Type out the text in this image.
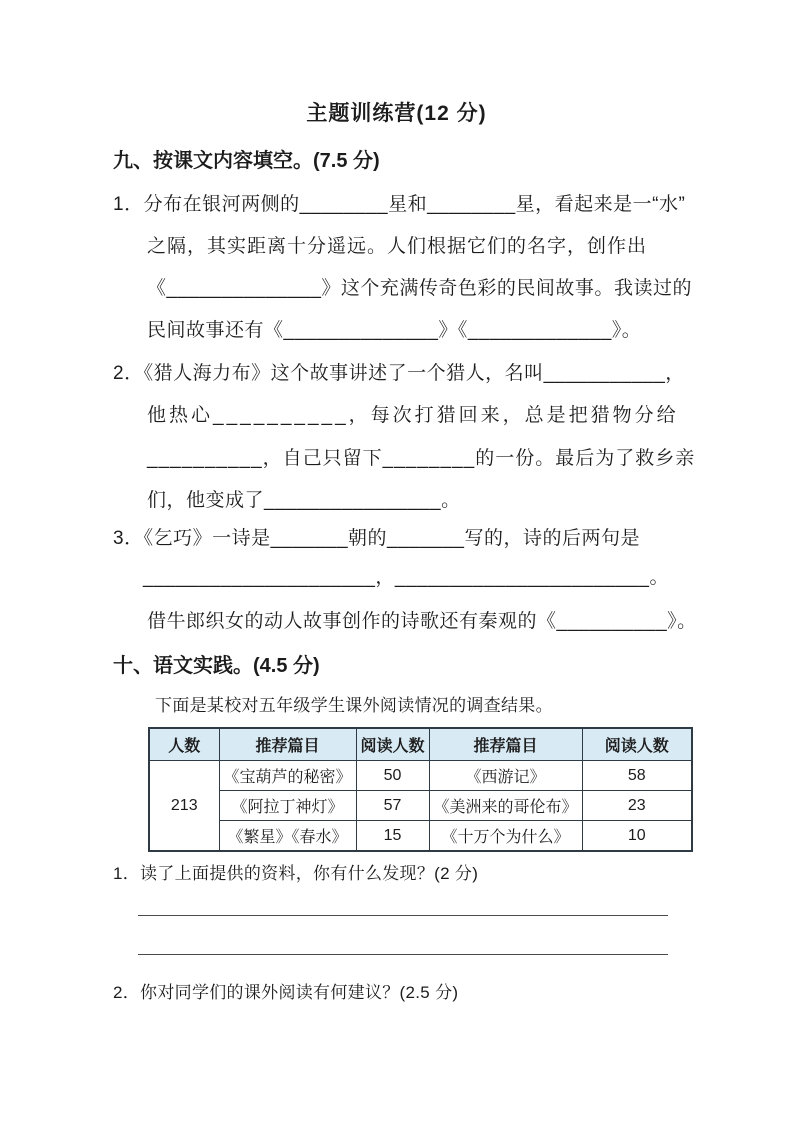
主题训练营(12 分)
九、按课文内容填空。(7.5 分)
1．分布在银河两侧的________星和________星，看起来是一“水”
之隔，其实距离十分遥远。人们根据它们的名字，创作出
《______________》这个充满传奇色彩的民间故事。我读过的
民间故事还有《______________》《_____________》。
2．《猎人海力布》这个故事讲述了一个猎人，名叫___________，
他热心__________，每次打猎回来，总是把猎物分给
__________，自己只留下________的一份。最后为了救乡亲
们，他变成了________________。
3．《乞巧》一诗是_______朝的_______写的，诗的后两句是
_____________________，_______________________。
借牛郎织女的动人故事创作的诗歌还有秦观的《__________》。
十、语文实践。(4.5 分)
下面是某校对五年级学生课外阅读情况的调查结果。
人数	推荐篇目	阅读人数	推荐篇目	阅读人数
213	《宝葫芦的秘密》	50	《西游记》	58
	《阿拉丁神灯》	57	《美洲来的哥伦布》	23
	《繁星》《春水》	15	《十万个为什么》	10
1．读了上面提供的资料，你有什么发现？(2 分)
2．你对同学们的课外阅读有何建议？(2.5 分)
